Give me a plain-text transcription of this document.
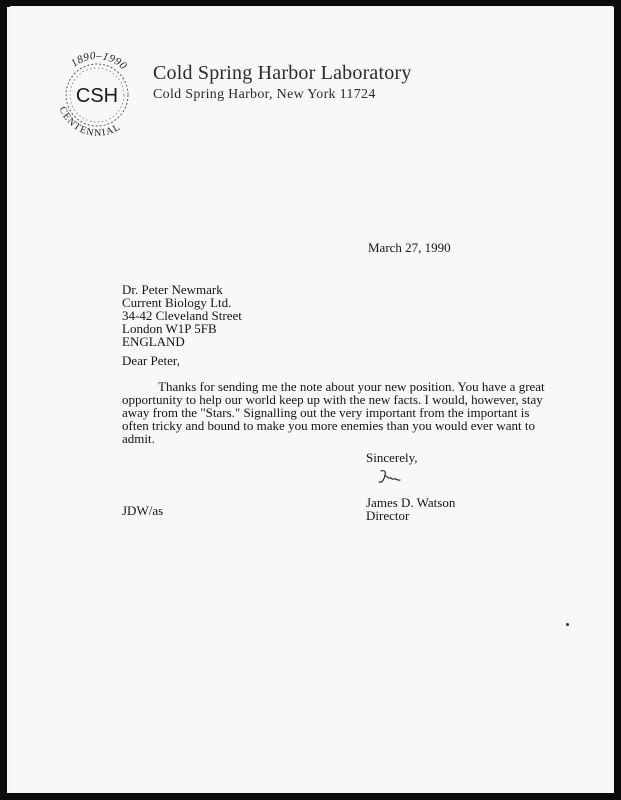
1890–1990
CSH
CENTENNIAL
Cold Spring Harbor Laboratory
Cold Spring Harbor, New York 11724
March 27, 1990
Dr. Peter Newmark
Current Biology Ltd.
34-42 Cleveland Street
London W1P 5FB
ENGLAND
Dear Peter,
Thanks for sending me the note about your new position. You have a great
opportunity to help our world keep up with the new facts. I would, however, stay
away from the "Stars." Signalling out the very important from the important is
often tricky and bound to make you more enemies than you would ever want to
admit.
Sincerely,
James D. Watson
Director
JDW/as
